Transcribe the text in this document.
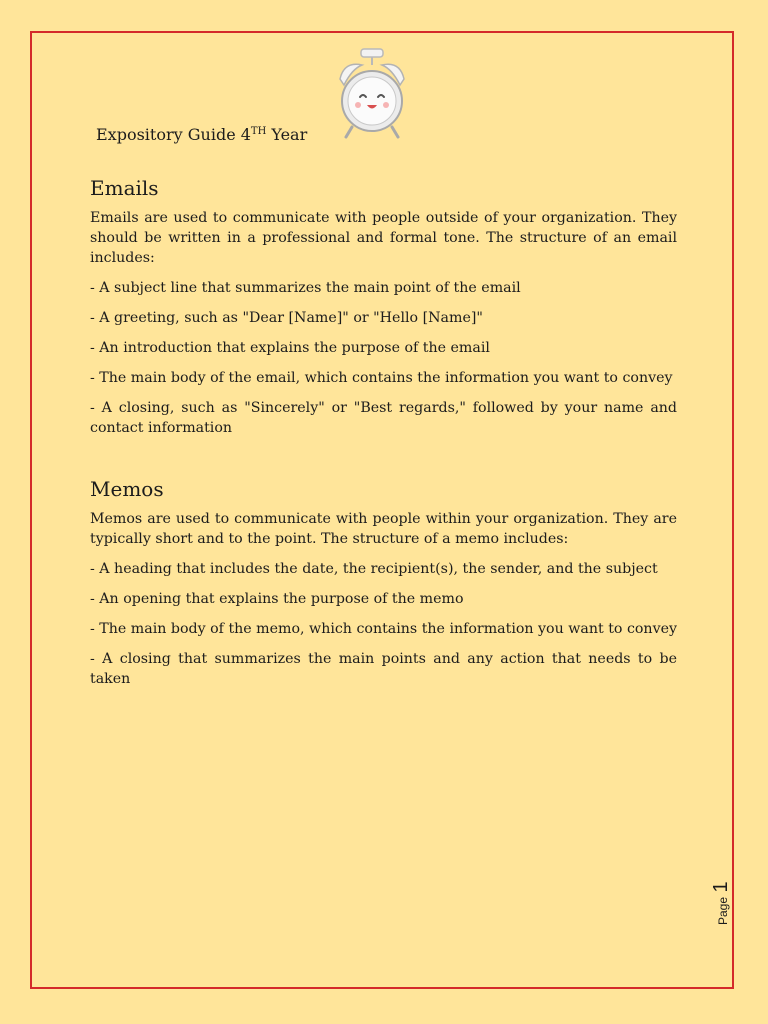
Expository Guide 4TH Year
Emails

Emails are used to communicate with people outside of your organization. They should be written in a professional and formal tone. The structure of an email includes:

- A subject line that summarizes the main point of the email

- A greeting, such as "Dear [Name]" or "Hello [Name]"

- An introduction that explains the purpose of the email

- The main body of the email, which contains the information you want to convey

- A closing, such as "Sincerely" or "Best regards," followed by your name and contact information

Memos

Memos are used to communicate with people within your organization. They are typically short and to the point. The structure of a memo includes:

- A heading that includes the date, the recipient(s), the sender, and the subject

- An opening that explains the purpose of the memo

- The main body of the memo, which contains the information you want to convey

- A closing that summarizes the main points and any action that needs to be taken

Page 1
